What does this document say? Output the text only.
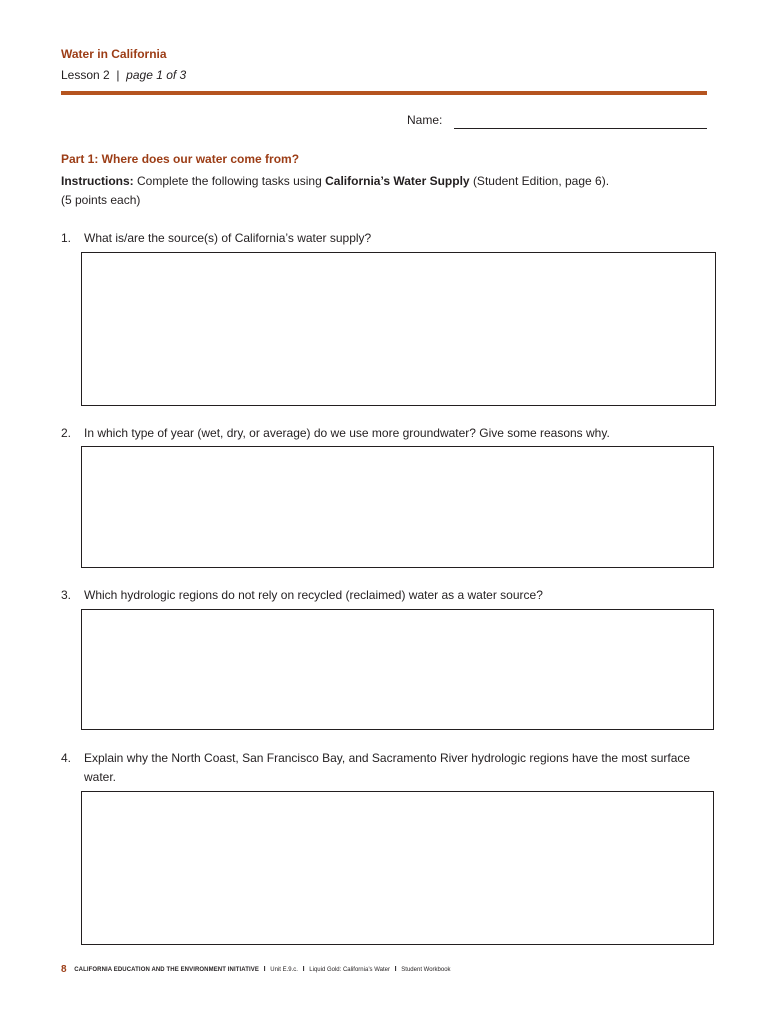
Water in California
Lesson 2 | page 1 of 3
Name:
Part 1: Where does our water come from?
Instructions: Complete the following tasks using California’s Water Supply (Student Edition, page 6).
(5 points each)
1. What is/are the source(s) of California’s water supply?
2. In which type of year (wet, dry, or average) do we use more groundwater? Give some reasons why.
3. Which hydrologic regions do not rely on recycled (reclaimed) water as a water source?
4. Explain why the North Coast, San Francisco Bay, and Sacramento River hydrologic regions have the most surface water.
8 CALIFORNIA EDUCATION AND THE ENVIRONMENT INITIATIVE I Unit E.9.c. I Liquid Gold: California’s Water I Student Workbook
